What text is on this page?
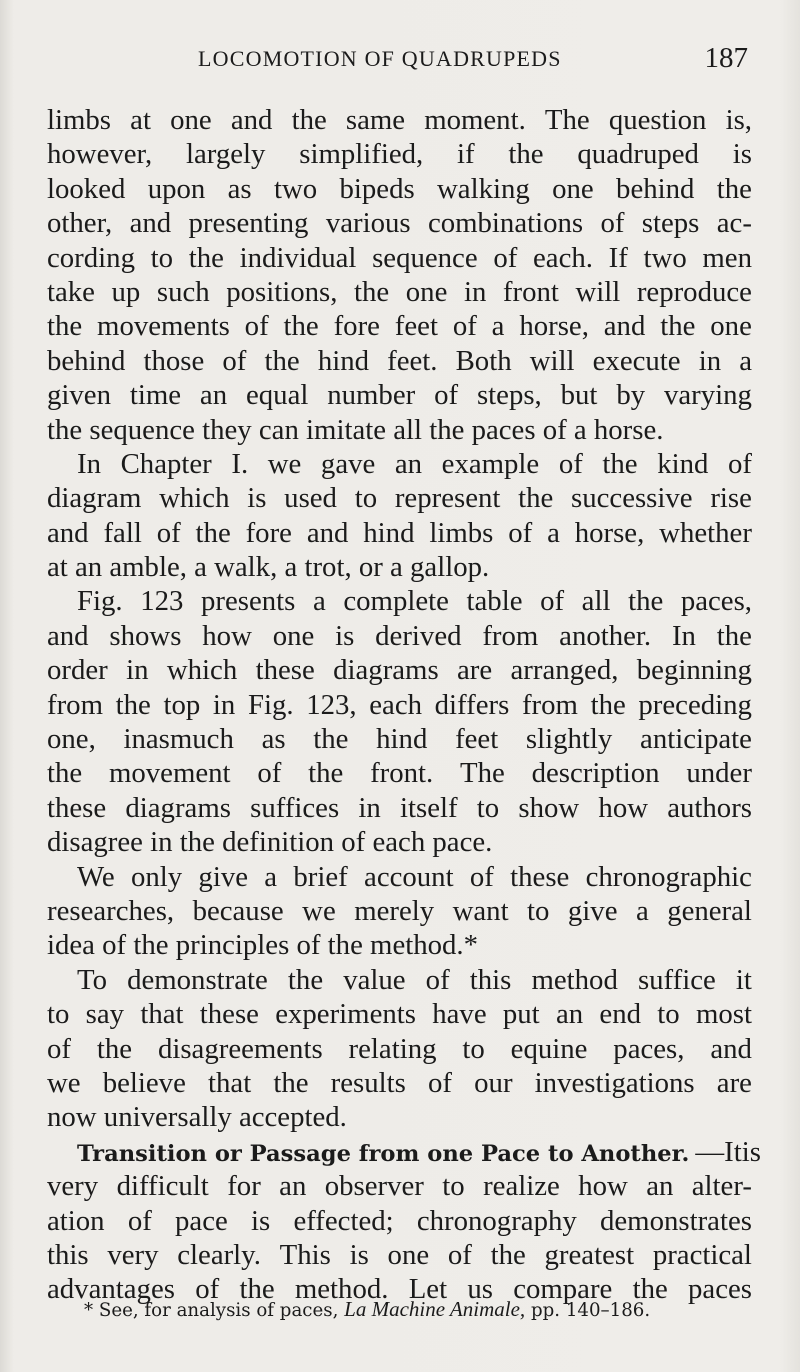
LOCOMOTION OF QUADRUPEDS	187
limbs at one and the same moment. The question is,
however, largely simplified, if the quadruped is
looked upon as two bipeds walking one behind the
other, and presenting various combinations of steps ac-
cording to the individual sequence of each. If two men
take up such positions, the one in front will reproduce
the movements of the fore feet of a horse, and the one
behind those of the hind feet. Both will execute in a
given time an equal number of steps, but by varying
the sequence they can imitate all the paces of a horse.
In Chapter I. we gave an example of the kind of
diagram which is used to represent the successive rise
and fall of the fore and hind limbs of a horse, whether
at an amble, a walk, a trot, or a gallop.
Fig. 123 presents a complete table of all the paces,
and shows how one is derived from another. In the
order in which these diagrams are arranged, beginning
from the top in Fig. 123, each differs from the preceding
one, inasmuch as the hind feet slightly anticipate
the movement of the front. The description under
these diagrams suffices in itself to show how authors
disagree in the definition of each pace.
We only give a brief account of these chronographic
researches, because we merely want to give a general
idea of the principles of the method.*
To demonstrate the value of this method suffice it
to say that these experiments have put an end to most
of the disagreements relating to equine paces, and
we believe that the results of our investigations are
now universally accepted.
Transition or Passage from one Pace to Another. —It is
very difficult for an observer to realize how an alter-
ation of pace is effected; chronography demonstrates
this very clearly. This is one of the greatest practical
advantages of the method. Let us compare the paces
* See, for analysis of paces, La Machine Animale, pp. 140–186.
